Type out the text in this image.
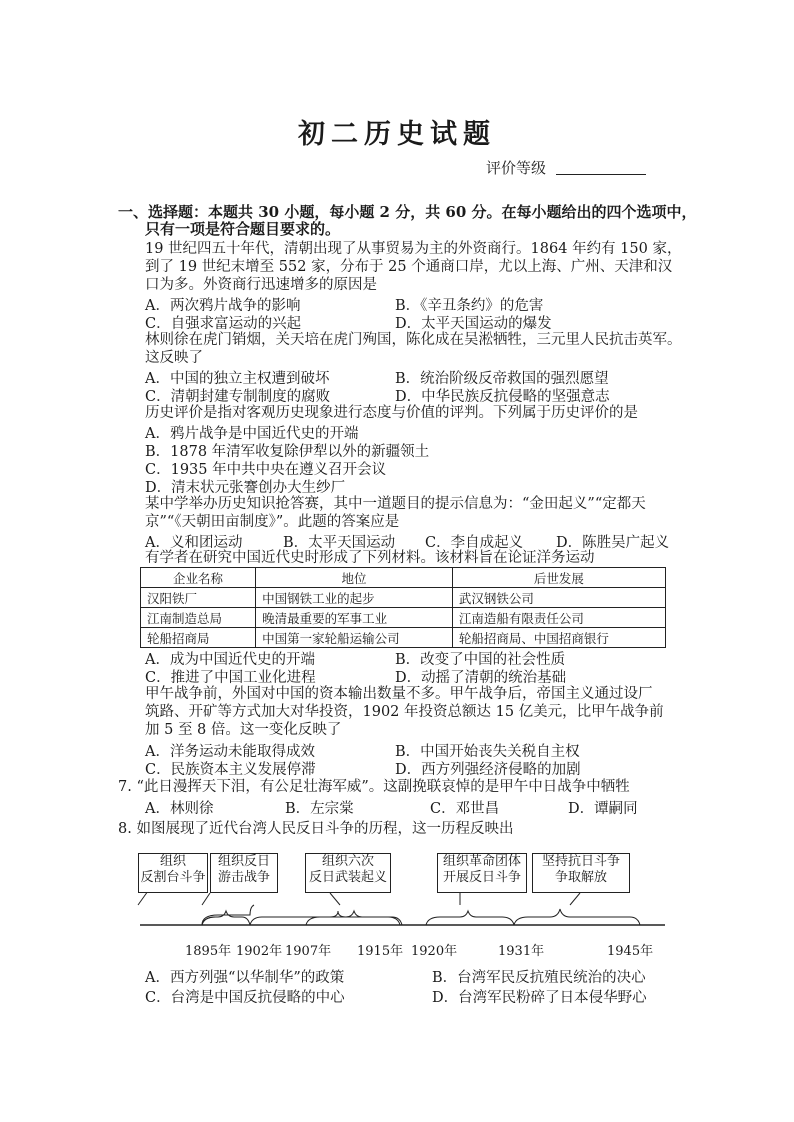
初二历史试题
评价等级
一、选择题：本题共 30 小题，每小题 2 分，共 60 分。在每小题给出的四个选项中，
只有一项是符合题目要求的。
19 世纪四五十年代，清朝出现了从事贸易为主的外资商行。1864 年约有 150 家，
到了 19 世纪末增至 552 家，分布于 25 个通商口岸，尤以上海、广州、天津和汉
口为多。外资商行迅速增多的原因是
A．两次鸦片战争的影响	B．《辛丑条约》的危害
C．自强求富运动的兴起	D．太平天国运动的爆发
林则徐在虎门销烟，关天培在虎门殉国，陈化成在吴淞牺牲，三元里人民抗击英军。
这反映了
A．中国的独立主权遭到破坏	B．统治阶级反帝救国的强烈愿望
C．清朝封建专制制度的腐败	D．中华民族反抗侵略的坚强意志
历史评价是指对客观历史现象进行态度与价值的评判。下列属于历史评价的是
A．鸦片战争是中国近代史的开端
B．1878 年清军收复除伊犁以外的新疆领土
C．1935 年中共中央在遵义召开会议
D．清末状元张謇创办大生纱厂
某中学举办历史知识抢答赛，其中一道题目的提示信息为：“金田起义”“定都天
京”“《天朝田亩制度》”。此题的答案应是
A．义和团运动	B．太平天国运动 C．李自成起义 D．陈胜吴广起义
有学者在研究中国近代史时形成了下列材料。该材料旨在论证洋务运动
企业名称	地位	后世发展
汉阳铁厂	中国钢铁工业的起步	武汉钢铁公司
江南制造总局	晚清最重要的军事工业	江南造船有限责任公司
轮船招商局	中国第一家轮船运输公司	轮船招商局、中国招商银行
A．成为中国近代史的开端	B．改变了中国的社会性质
C．推进了中国工业化进程	D．动摇了清朝的统治基础
甲午战争前，外国对中国的资本输出数量不多。甲午战争后，帝国主义通过设厂
筑路、开矿等方式加大对华投资，1902 年投资总额达 15 亿美元，比甲午战争前
加 5 至 8 倍。这一变化反映了
A．洋务运动未能取得成效	B．中国开始丧失关税自主权
C．民族资本主义发展停滞	D．西方列强经济侵略的加剧
7. “此日漫挥天下泪，有公足壮海军威”。这副挽联哀悼的是甲午中日战争中牺牲
A．林则徐	B．左宗棠	C．邓世昌	D．谭嗣同
8. 如图展现了近代台湾人民反日斗争的历程，这一历程反映出
组织
反割台斗争
组织反日
游击战争
组织六次
反日武装起义
组织革命团体
开展反日斗争
坚持抗日斗争
争取解放
1895年 1902年 1907年 1915年 1920年	1931年	1945年
A．西方列强“以华制华”的政策	B．台湾军民反抗殖民统治的决心
C．台湾是中国反抗侵略的中心	D．台湾军民粉碎了日本侵华野心
